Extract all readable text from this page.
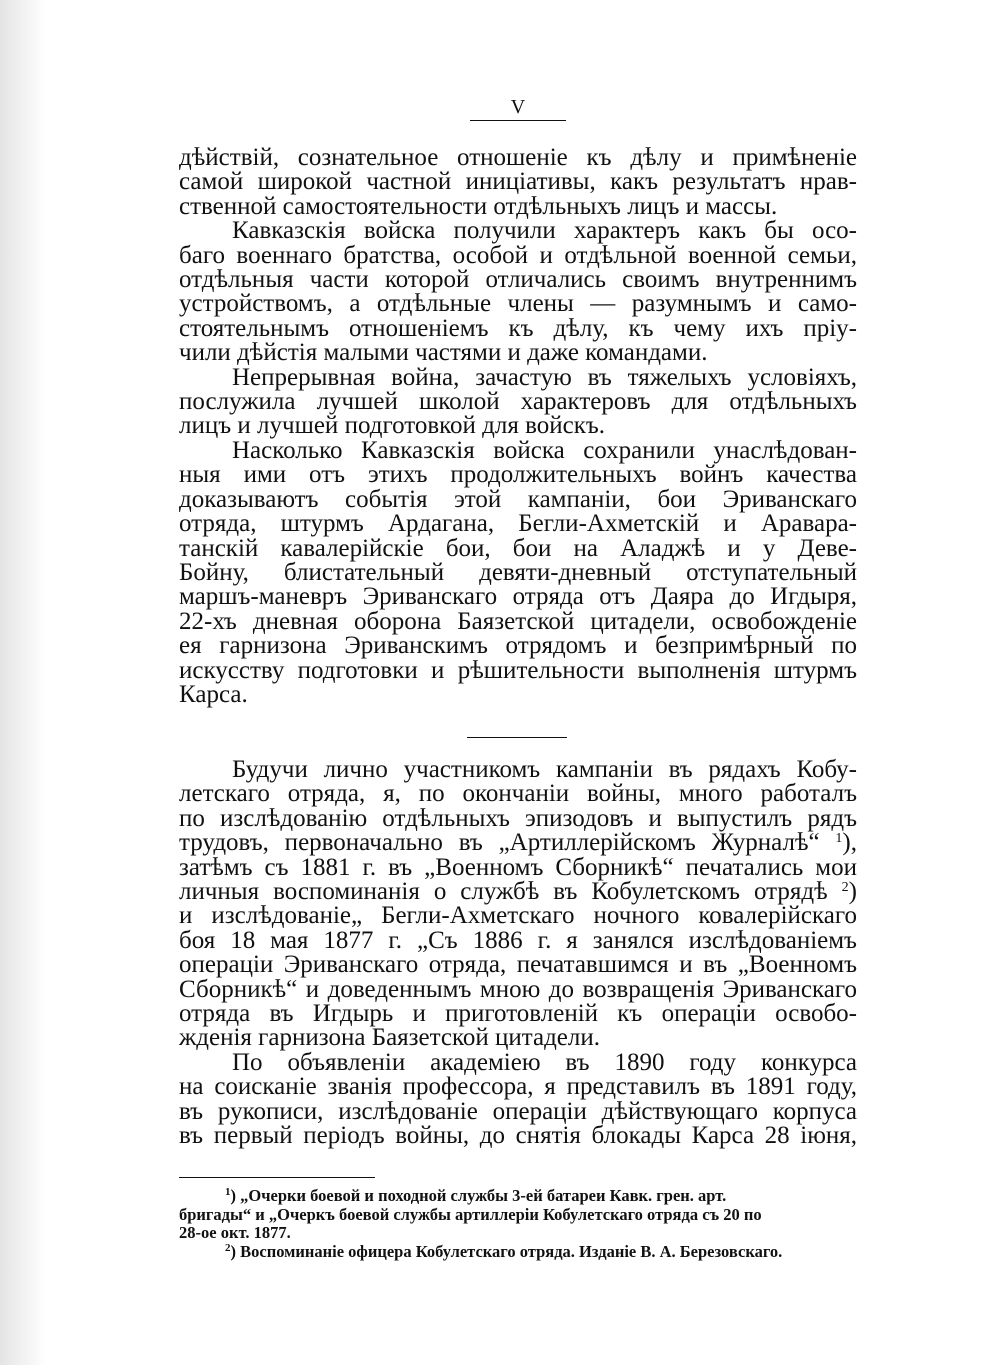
V
дѣйствій, сознательное отношеніе къ дѣлу и примѣненіе
самой широкой частной иниціативы, какъ результатъ нрав-
ственной самостоятельности отдѣльныхъ лицъ и массы.
Кавказскія войска получили характеръ какъ бы осо-
баго военнаго братства, особой и отдѣльной военной семьи,
отдѣльныя части которой отличались своимъ внутреннимъ
устройствомъ, а отдѣльные члены — разумнымъ и само-
стоятельнымъ отношеніемъ къ дѣлу, къ чему ихъ пріу-
чили дѣйстія малыми частями и даже командами.
Непрерывная война, зачастую въ тяжелыхъ условіяхъ,
послужила лучшей школой характеровъ для отдѣльныхъ
лицъ и лучшей подготовкой для войскъ.
Насколько Кавказскія войска сохранили унаслѣдован-
ныя ими отъ этихъ продолжительныхъ войнъ качества
доказываютъ событія этой кампаніи, бои Эриванскаго
отряда, штурмъ Ардагана, Бегли-Ахметскій и Аравара-
танскій кавалерійскіе бои, бои на Аладжѣ и у Деве-
Бойну, блистательный девяти-дневный отступательный
маршъ-маневръ Эриванскаго отряда отъ Даяра до Игдыря,
22-хъ дневная оборона Баязетской цитадели, освобожденіе
ея гарнизона Эриванскимъ отрядомъ и безпримѣрный по
искусству подготовки и рѣшительности выполненія штурмъ
Карса.
Будучи лично участникомъ кампаніи въ рядахъ Кобу-
летскаго отряда, я, по окончаніи войны, много работалъ
по изслѣдованію отдѣльныхъ эпизодовъ и выпустилъ рядъ
трудовъ, первоначально въ „Артиллерійскомъ Журналѣ“ $^1$),
затѣмъ съ 1881 г. въ „Военномъ Сборникѣ“ печатались мои
личныя воспоминанія о службѣ въ Кобулетскомъ отрядѣ $^2$)
и изслѣдованіе„ Бегли-Ахметскаго ночного ковалерійскаго
боя 18 мая 1877 г. „Съ 1886 г. я занялся изслѣдованіемъ
операціи Эриванскаго отряда, печатавшимся и въ „Военномъ
Сборникѣ“ и доведеннымъ мною до возвращенія Эриванскаго
отряда въ Игдырь и приготовленій къ операціи освобо-
жденія гарнизона Баязетской цитадели.
По объявленіи академіею въ 1890 году конкурса
на соисканіе званія профессора, я представилъ въ 1891 году,
въ рукописи, изслѣдованіе операціи дѣйствующаго корпуса
въ первый періодъ войны, до снятія блокады Карса 28 іюня,

$^1$) „Очерки боевой и походной службы 3-ей батареи Кавк. грен. арт.

бригады“ и „Очеркъ боевой службы артиллеріи Кобулетскаго отряда съ 20 по

28-ое окт. 1877.

$^2$) Воспоминаніе офицера Кобулетскаго отряда. Изданіе В. А. Березовскаго.
